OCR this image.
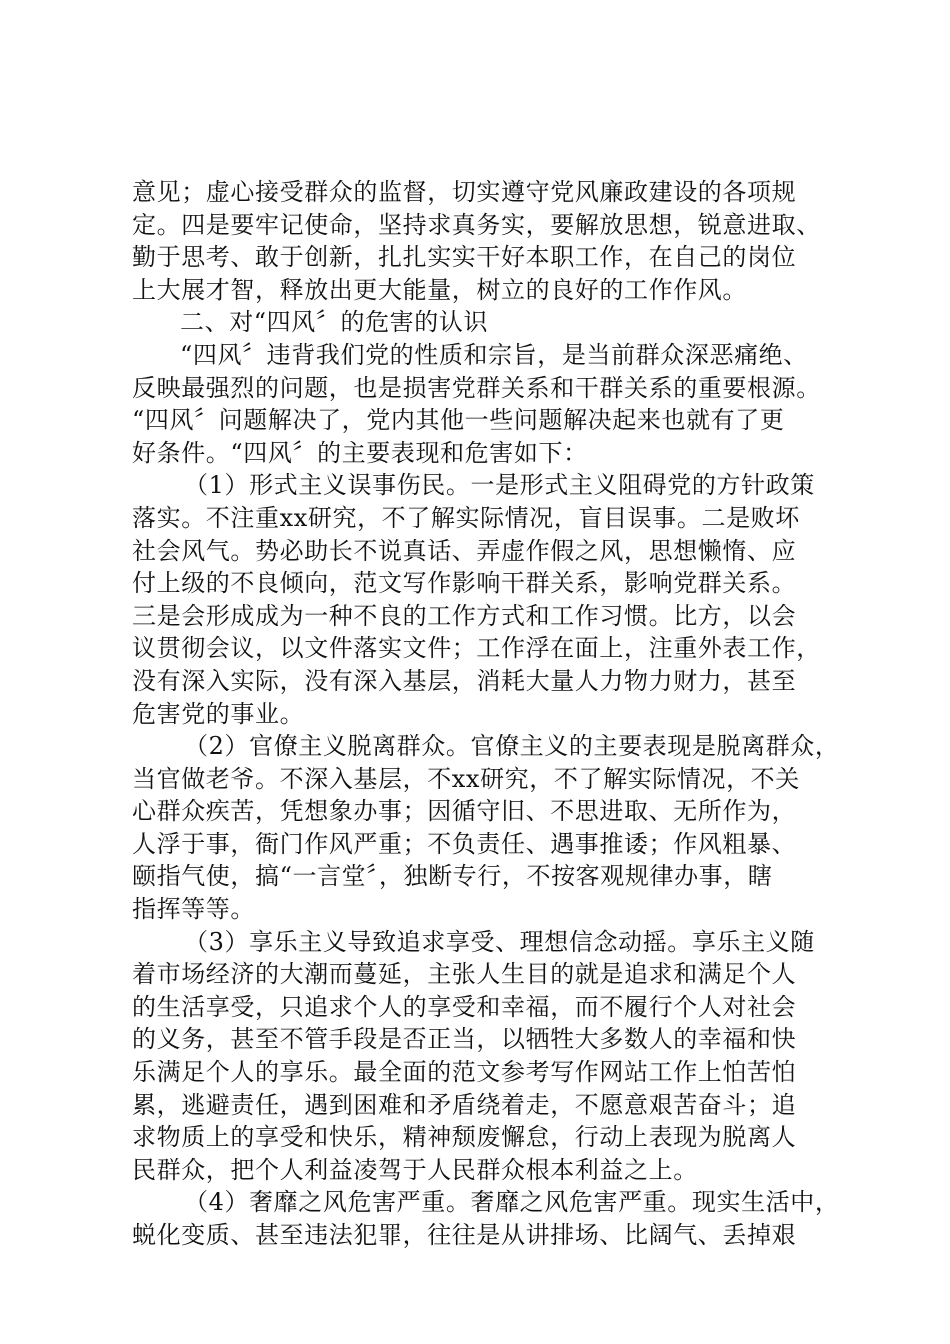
意见；虚心接受群众的监督，切实遵守党风廉政建设的各项规
定。四是要牢记使命，坚持求真务实，要解放思想，锐意进取、
勤于思考、敢于创新，扎扎实实干好本职工作，在自己的岗位
上大展才智，释放出更大能量，树立的良好的工作作风。

二、对“四风〞的危害的认识

“四风〞违背我们党的性质和宗旨，是当前群众深恶痛绝、
反映最强烈的问题，也是损害党群关系和干群关系的重要根源。
“四风〞问题解决了，党内其他一些问题解决起来也就有了更
好条件。“四风〞的主要表现和危害如下：

（1）形式主义误事伤民。一是形式主义阻碍党的方针政策
落实。不注重xx研究，不了解实际情况，盲目误事。二是败坏
社会风气。势必助长不说真话、弄虚作假之风，思想懒惰、应
付上级的不良倾向，范文写作影响干群关系，影响党群关系。
三是会形成成为一种不良的工作方式和工作习惯。比方，以会
议贯彻会议，以文件落实文件；工作浮在面上，注重外表工作，
没有深入实际，没有深入基层，消耗大量人力物力财力，甚至
危害党的事业。

（2）官僚主义脱离群众。官僚主义的主要表现是脱离群众，
当官做老爷。不深入基层，不xx研究，不了解实际情况，不关
心群众疾苦，凭想象办事；因循守旧、不思进取、无所作为，
人浮于事，衙门作风严重；不负责任、遇事推诿；作风粗暴、
颐指气使，搞“一言堂〞，独断专行，不按客观规律办事，瞎
指挥等等。

（3）享乐主义导致追求享受、理想信念动摇。享乐主义随
着市场经济的大潮而蔓延，主张人生目的就是追求和满足个人
的生活享受，只追求个人的享受和幸福，而不履行个人对社会
的义务，甚至不管手段是否正当，以牺牲大多数人的幸福和快
乐满足个人的享乐。最全面的范文参考写作网站工作上怕苦怕
累，逃避责任，遇到困难和矛盾绕着走，不愿意艰苦奋斗；追
求物质上的享受和快乐，精神颓废懈怠，行动上表现为脱离人
民群众，把个人利益凌驾于人民群众根本利益之上。

（4）奢靡之风危害严重。奢靡之风危害严重。现实生活中，
蜕化变质、甚至违法犯罪，往往是从讲排场、比阔气、丢掉艰
